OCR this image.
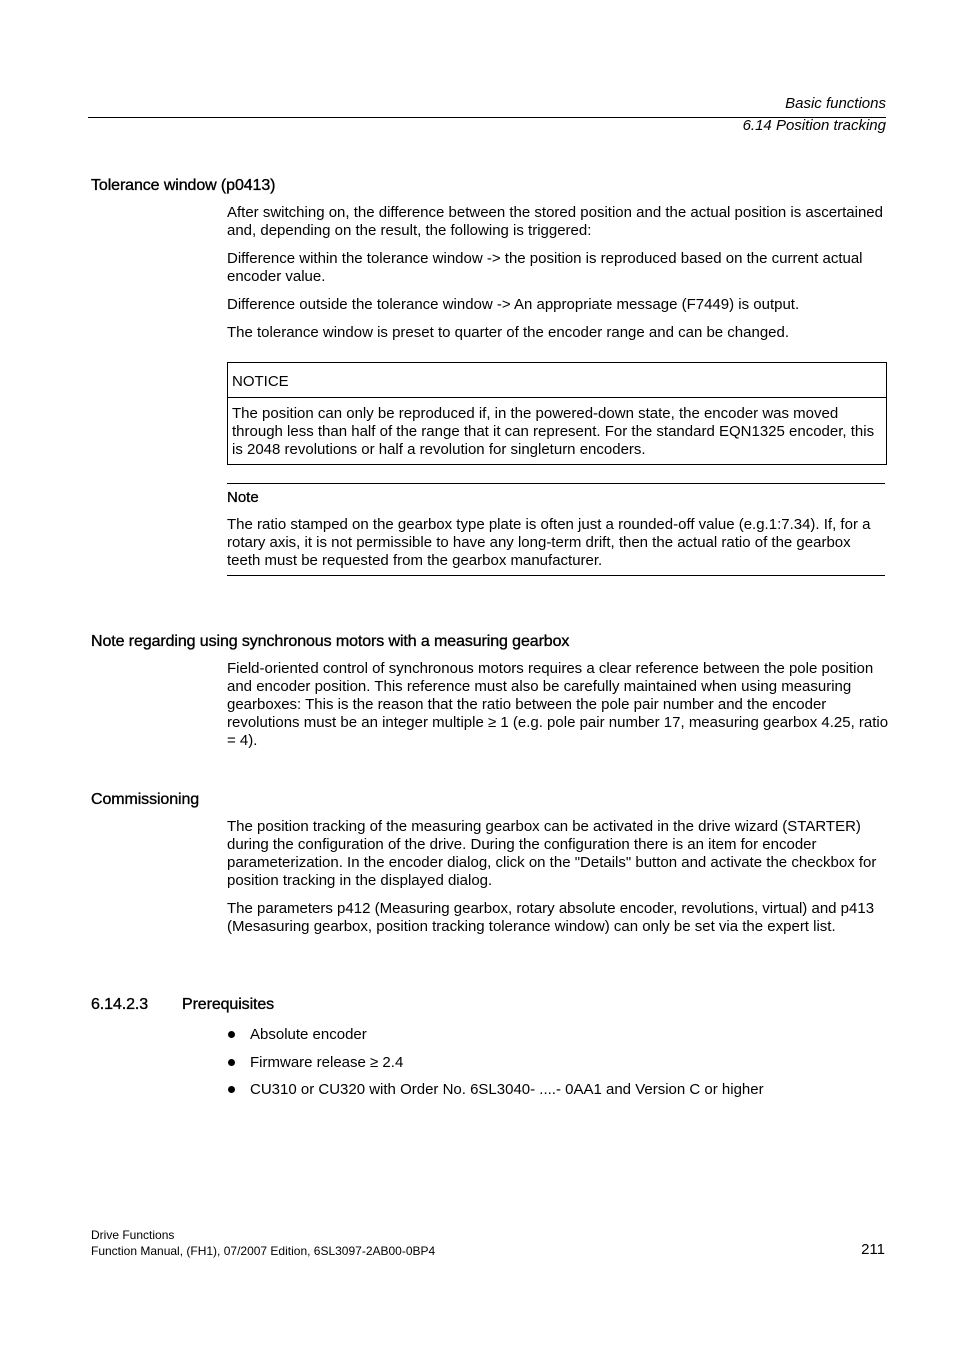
Basic functions
6.14 Position tracking
Tolerance window (p0413)

After switching on, the difference between the stored position and the actual position is ascertained and, depending on the result, the following is triggered:

Difference within the tolerance window -> the position is reproduced based on the current actual encoder value.

Difference outside the tolerance window -> An appropriate message (F7449) is output.

The tolerance window is preset to quarter of the encoder range and can be changed.

NOTICE
The position can only be reproduced if, in the powered-down state, the encoder was moved through less than half of the range that it can represent. For the standard EQN1325 encoder, this is 2048 revolutions or half a revolution for singleturn encoders.
Note

The ratio stamped on the gearbox type plate is often just a rounded-off value (e.g.1:7.34). If, for a rotary axis, it is not permissible to have any long-term drift, then the actual ratio of the gearbox teeth must be requested from the gearbox manufacturer.

Note regarding using synchronous motors with a measuring gearbox

Field-oriented control of synchronous motors requires a clear reference between the pole position and encoder position. This reference must also be carefully maintained when using measuring gearboxes: This is the reason that the ratio between the pole pair number and the encoder revolutions must be an integer multiple ≥ 1 (e.g. pole pair number 17, measuring gearbox 4.25, ratio = 4).

Commissioning

The position tracking of the measuring gearbox can be activated in the drive wizard (STARTER) during the configuration of the drive. During the configuration there is an item for encoder parameterization. In the encoder dialog, click on the "Details" button and activate the checkbox for position tracking in the displayed dialog.

The parameters p412 (Measuring gearbox, rotary absolute encoder, revolutions, virtual) and p413 (Mesasuring gearbox, position tracking tolerance window) can only be set via the expert list.

6.14.2.3 Prerequisites
Absolute encoder
Firmware release ≥ 2.4
CU310 or CU320 with Order No. 6SL3040- ....- 0AA1 and Version C or higher
Drive Functions
Function Manual, (FH1), 07/2007 Edition, 6SL3097-2AB00-0BP4	211
